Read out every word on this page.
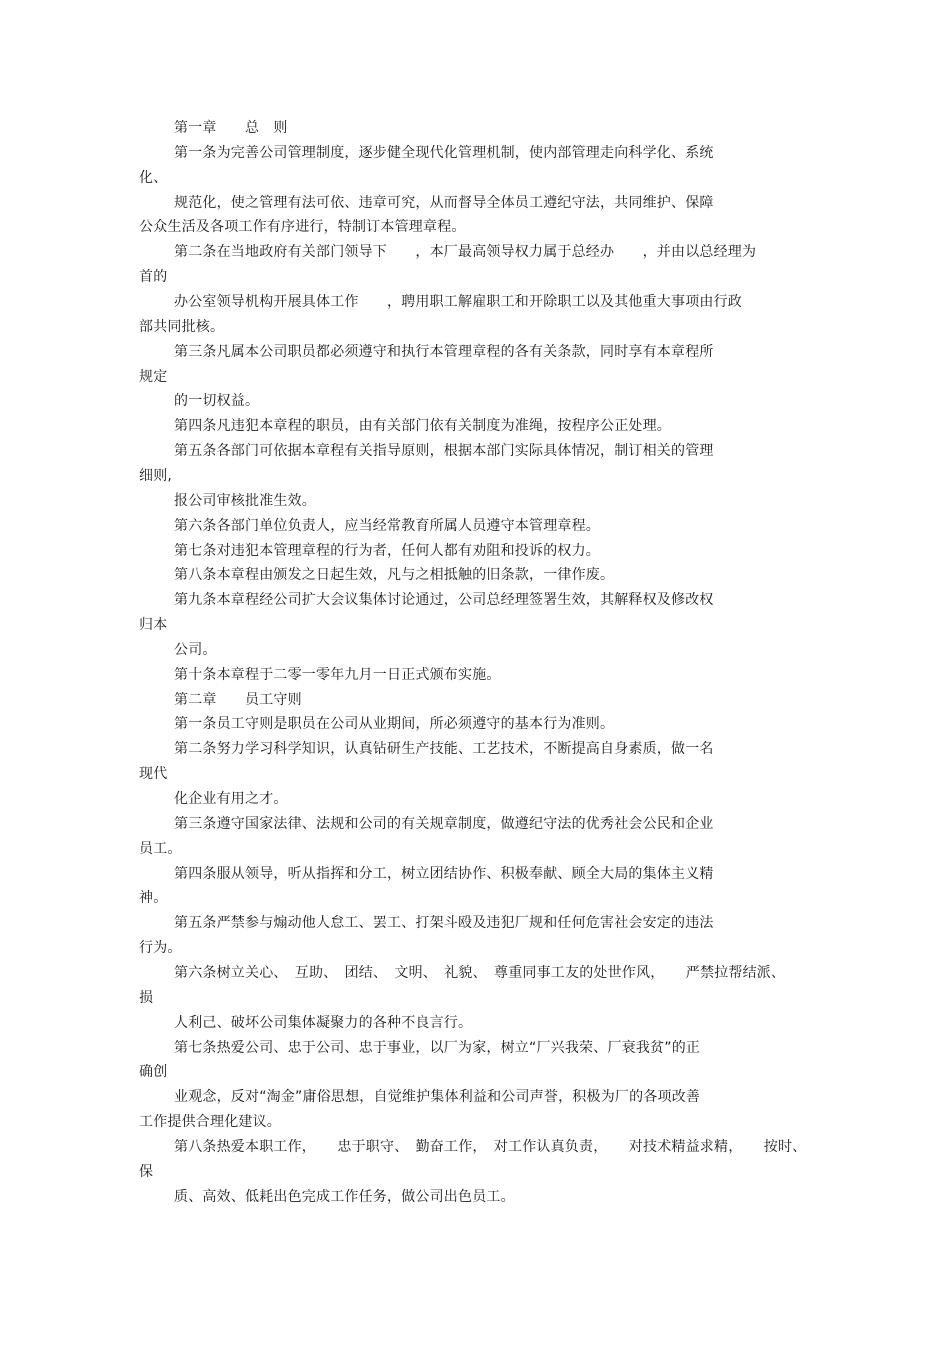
第一章　　总　则
第一条为完善公司管理制度，逐步健全现代化管理机制，使内部管理走向科学化、系统
化、
规范化，使之管理有法可依、违章可究，从而督导全体员工遵纪守法，共同维护、保障
公众生活及各项工作有序进行，特制订本管理章程。
第二条在当地政府有关部门领导下　　，本厂最高领导权力属于总经办　　，并由以总经理为
首的
办公室领导机构开展具体工作　　，聘用职工解雇职工和开除职工以及其他重大事项由行政
部共同批核。
第三条凡属本公司职员都必须遵守和执行本管理章程的各有关条款，同时享有本章程所
规定
的一切权益。
第四条凡违犯本章程的职员，由有关部门依有关制度为准绳，按程序公正处理。
第五条各部门可依据本章程有关指导原则，根据本部门实际具体情况，制订相关的管理
细则,
报公司审核批准生效。
第六条各部门单位负责人，应当经常教育所属人员遵守本管理章程。
第七条对违犯本管理章程的行为者，任何人都有劝阻和投诉的权力。
第八条本章程由颁发之日起生效，凡与之相抵触的旧条款，一律作废。
第九条本章程经公司扩大会议集体讨论通过，公司总经理签署生效，其解释权及修改权
归本
公司。
第十条本章程于二零一零年九月一日正式颁布实施。
第二章　　员工守则
第一条员工守则是职员在公司从业期间，所必须遵守的基本行为准则。
第二条努力学习科学知识，认真钻研生产技能、工艺技术，不断提高自身素质，做一名
现代
化企业有用之才。
第三条遵守国家法律、法规和公司的有关规章制度，做遵纪守法的优秀社会公民和企业
员工。
第四条服从领导，听从指挥和分工，树立团结协作、积极奉献、顾全大局的集体主义精
神。
第五条严禁参与煽动他人怠工、罢工、打架斗殴及违犯厂规和任何危害社会安定的违法
行为。
第六条树立关心、　互助、　团结、　文明、　礼貌、　尊重同事工友的处世作风，　　严禁拉帮结派、
损
人利己、破坏公司集体凝聚力的各种不良言行。
第七条热爱公司、忠于公司、忠于事业，以厂为家，树立“厂兴我荣、厂衰我贫”的正
确创
业观念，反对“淘金”庸俗思想，自觉维护集体利益和公司声誉，积极为厂的各项改善
工作提供合理化建议。
第八条热爱本职工作，　　忠于职守、　勤奋工作，　对工作认真负责，　　对技术精益求精，　　按时、
保
质、高效、低耗出色完成工作任务，做公司出色员工。
